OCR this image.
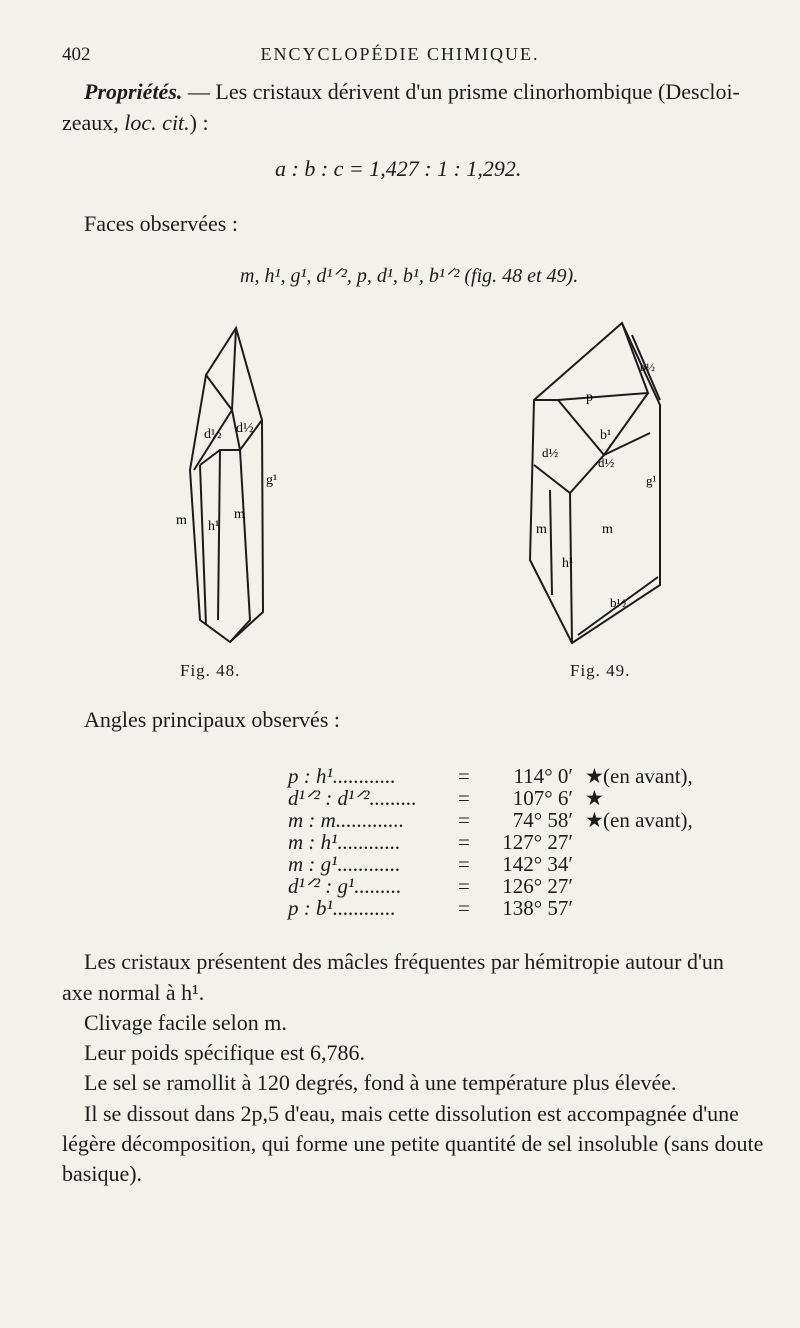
402	ENCYCLOPÉDIE CHIMIQUE.
Propriétés. — Les cristaux dérivent d'un prisme clinorhombique (Descloi-
zeaux, loc. cit.) :
a : b : c = 1,427 : 1 : 1,292.
Faces observées :
m, h¹, g¹, d¹ᐟ², p, d¹, b¹, b¹ᐟ² (fig. 48 et 49).
d½ d½
g¹
m h¹
m
p
b½
b¹
d½
d½
g¹
m	m
h¹
b½
Fig. 48.	Fig. 49.
Angles principaux observés :
p : h¹............	=	114° 0′ ★ (en avant),
d¹ᐟ² : d¹ᐟ².........	=	107° 6′ ★
m : m.............	=	74° 58′ ★ (en avant),
m : h¹............	=	127° 27′
m : g¹............	=	142° 34′
d¹ᐟ² : g¹.........	=	126° 27′
p : b¹............	=	138° 57′
Les cristaux présentent des mâcles fréquentes par hémitropie autour d'un
axe normal à h¹.
Clivage facile selon m.
Leur poids spécifique est 6,786.
Le sel se ramollit à 120 degrés, fond à une température plus élevée.
Il se dissout dans 2p,5 d'eau, mais cette dissolution est accompagnée d'une
légère décomposition, qui forme une petite quantité de sel insoluble (sans doute
basique).
